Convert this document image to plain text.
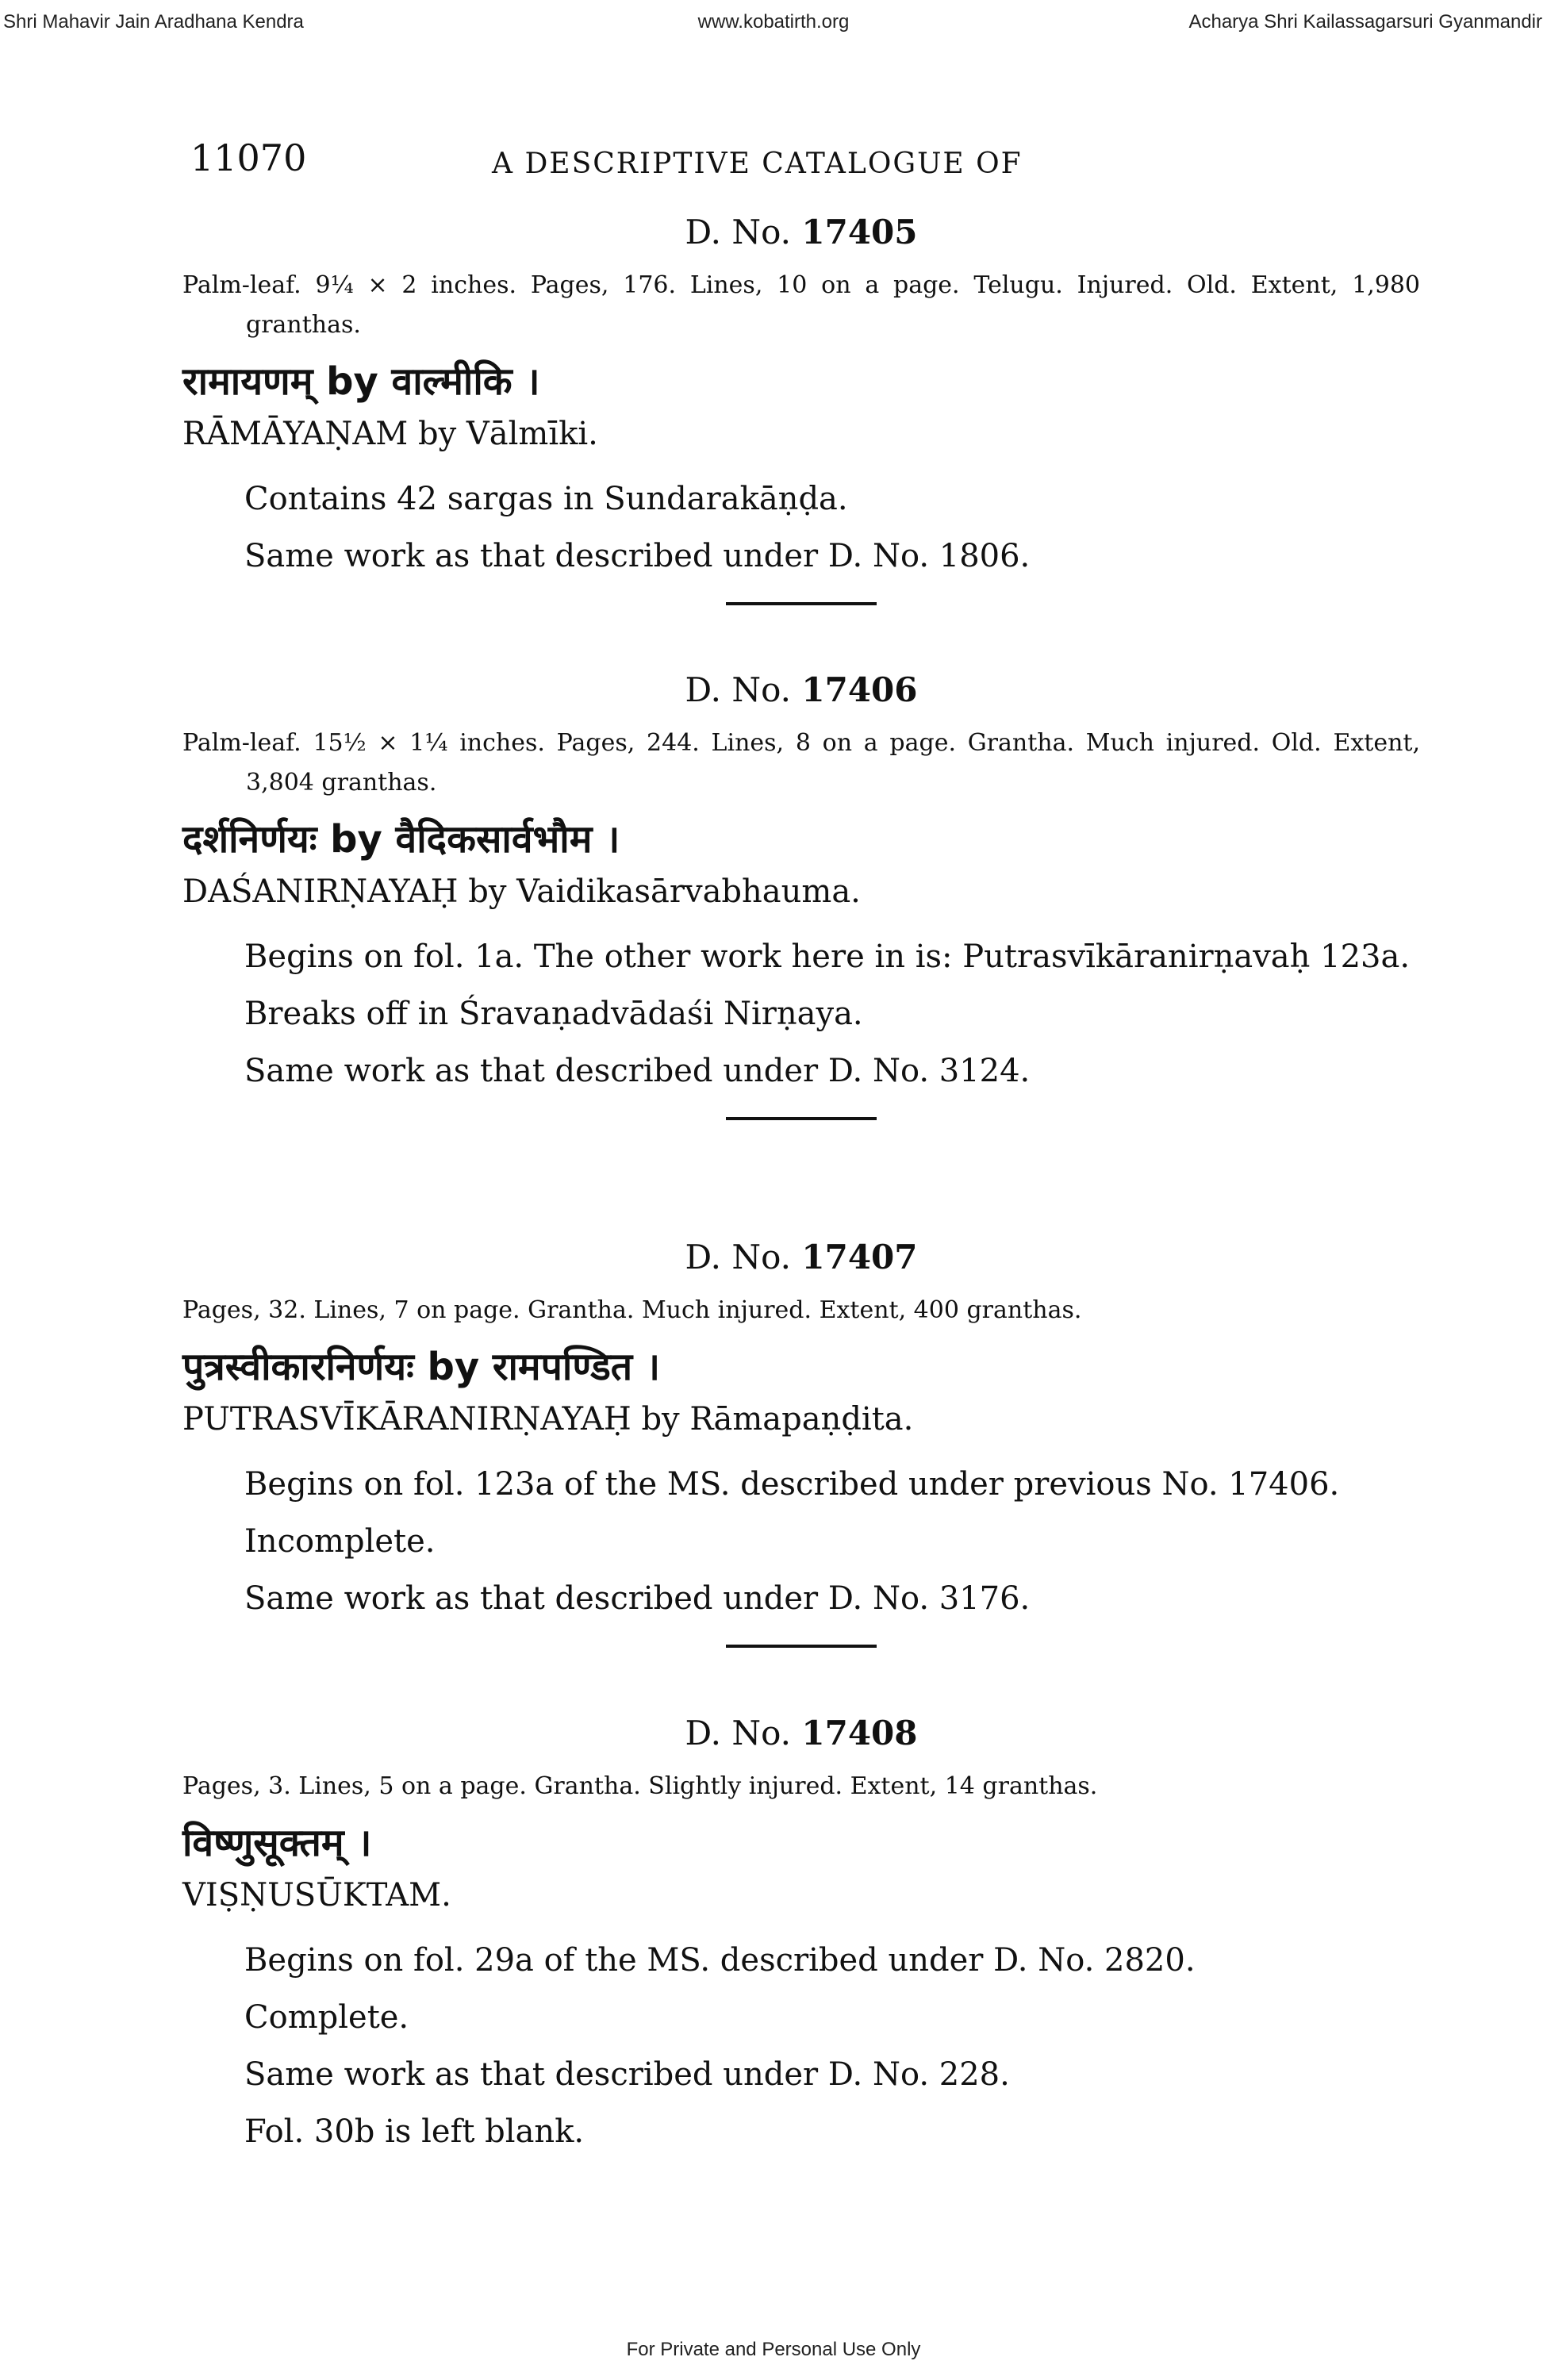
Shri Mahavir Jain Aradhana Kendra	www.kobatirth.org	Acharya Shri Kailassagarsuri Gyanmandir
11070	A DESCRIPTIVE CATALOGUE OF
D. No. 17405
Palm-leaf. 9¼ × 2 inches. Pages, 176. Lines, 10 on a page. Telugu. Injured. Old. Extent, 1,980 granthas.
रामायणम् by वाल्मीकि ।
RĀMĀYAṆAM by Vālmīki.
Contains 42 sargas in Sundarakāṇḍa.
Same work as that described under D. No. 1806.
D. No. 17406
Palm-leaf. 15½ × 1¼ inches. Pages, 244. Lines, 8 on a page. Grantha. Much injured. Old. Extent, 3,804 granthas.
दर्शनिर्णयः by वैदिकसार्वभौम ।
DAŚANIRṆAYAḤ by Vaidikasārvabhauma.
Begins on fol. 1a. The other work here in is: Putrasvīkāranirṇavaḥ 123a.
Breaks off in Śravaṇadvādaśi Nirṇaya.
Same work as that described under D. No. 3124.
D. No. 17407
Pages, 32. Lines, 7 on page. Grantha. Much injured. Extent, 400 granthas.
पुत्रस्वीकारनिर्णयः by रामपण्डित ।
PUTRASVĪKĀRANIRṆAYAḤ by Rāmapaṇḍita.
Begins on fol. 123a of the MS. described under previous No. 17406.
Incomplete.
Same work as that described under D. No. 3176.
D. No. 17408
Pages, 3. Lines, 5 on a page. Grantha. Slightly injured. Extent, 14 granthas.
विष्णुसूक्तम् ।
VIṢṆUSŪKTAM.
Begins on fol. 29a of the MS. described under D. No. 2820.
Complete.
Same work as that described under D. No. 228.
Fol. 30b is left blank.
For Private and Personal Use Only
